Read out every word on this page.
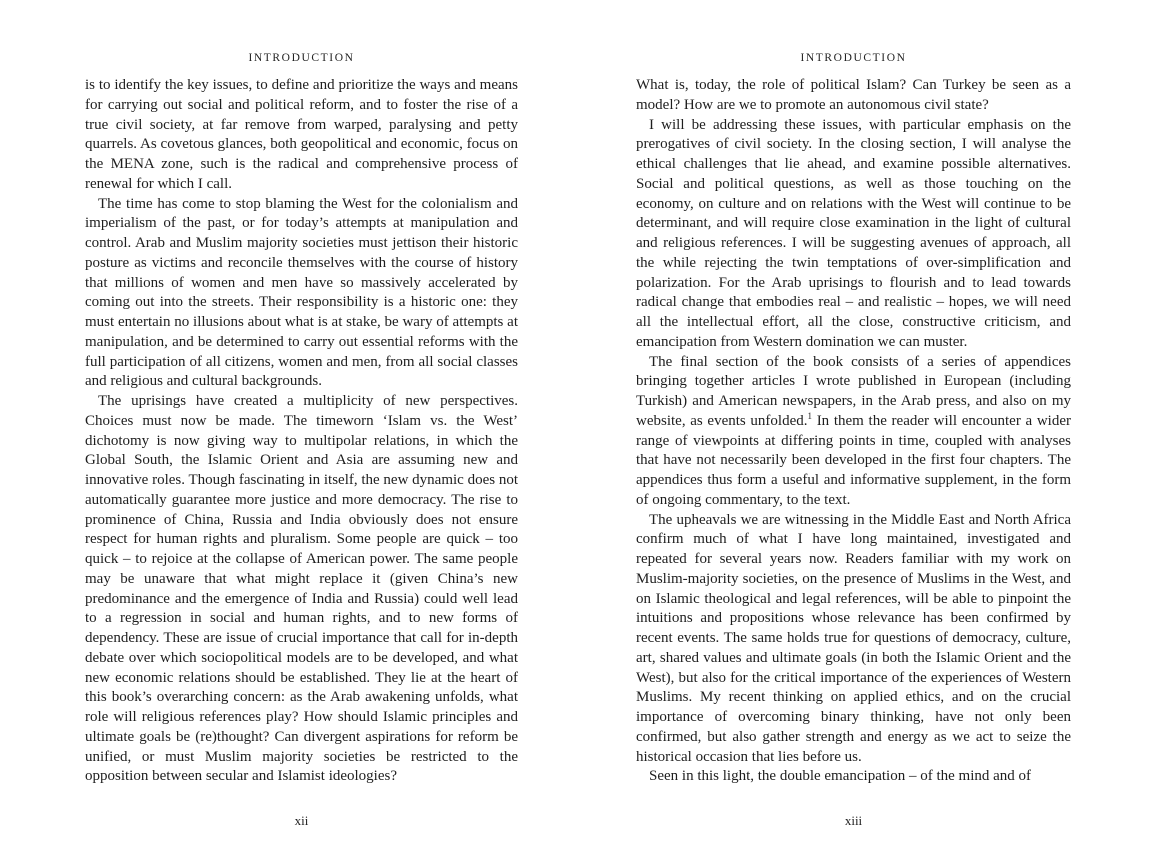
INTRODUCTION

is to identify the key issues, to define and prioritize the ways and means for carrying out social and political reform, and to foster the rise of a true civil society, at far remove from warped, paralysing and petty quarrels. As covetous glances, both geopolitical and economic, focus on the MENA zone, such is the radical and comprehensive process of renewal for which I call.

The time has come to stop blaming the West for the colonialism and imperialism of the past, or for today’s attempts at manipulation and control. Arab and Muslim majority societies must jettison their historic posture as victims and reconcile themselves with the course of history that millions of women and men have so massively accelerated by coming out into the streets. Their responsibility is a historic one: they must entertain no illusions about what is at stake, be wary of attempts at manipulation, and be determined to carry out essential reforms with the full participation of all citizens, women and men, from all social classes and religious and cultural backgrounds.

The uprisings have created a multiplicity of new perspectives. Choices must now be made. The timeworn ‘Islam vs. the West’ dichotomy is now giving way to multipolar relations, in which the Global South, the Islamic Orient and Asia are assuming new and innovative roles. Though fascinating in itself, the new dynamic does not automatically guarantee more justice and more democracy. The rise to prominence of China, Russia and India obviously does not ensure respect for human rights and pluralism. Some people are quick – too quick – to rejoice at the collapse of American power. The same people may be unaware that what might replace it (given China’s new predominance and the emergence of India and Russia) could well lead to a regression in social and human rights, and to new forms of dependency. These are issue of crucial importance that call for in-depth debate over which sociopolitical models are to be developed, and what new economic relations should be established. They lie at the heart of this book’s overarching concern: as the Arab awakening unfolds, what role will religious references play? How should Islamic principles and ultimate goals be (re)thought? Can divergent aspirations for reform be unified, or must Muslim majority societies be restricted to the opposition between secular and Islamist ideologies?

xii
INTRODUCTION

What is, today, the role of political Islam? Can Turkey be seen as a model? How are we to promote an autonomous civil state?

I will be addressing these issues, with particular emphasis on the prerogatives of civil society. In the closing section, I will analyse the ethical challenges that lie ahead, and examine possible alternatives. Social and political questions, as well as those touching on the economy, on culture and on relations with the West will continue to be determinant, and will require close examination in the light of cultural and religious references. I will be suggesting avenues of approach, all the while rejecting the twin temptations of over-simplification and polarization. For the Arab uprisings to flourish and to lead towards radical change that embodies real – and realistic – hopes, we will need all the intellectual effort, all the close, constructive criticism, and emancipation from Western domination we can muster.

The final section of the book consists of a series of appendices bringing together articles I wrote published in European (including Turkish) and American newspapers, in the Arab press, and also on my website, as events unfolded.$^1$ In them the reader will encounter a wider range of viewpoints at differing points in time, coupled with analyses that have not necessarily been developed in the first four chapters. The appendices thus form a useful and informative supplement, in the form of ongoing commentary, to the text.

The upheavals we are witnessing in the Middle East and North Africa confirm much of what I have long maintained, investigated and repeated for several years now. Readers familiar with my work on Muslim-majority societies, on the presence of Muslims in the West, and on Islamic theological and legal references, will be able to pinpoint the intuitions and propositions whose relevance has been confirmed by recent events. The same holds true for questions of democracy, culture, art, shared values and ultimate goals (in both the Islamic Orient and the West), but also for the critical importance of the experiences of Western Muslims. My recent thinking on applied ethics, and on the crucial importance of overcoming binary thinking, have not only been confirmed, but also gather strength and energy as we act to seize the historical occasion that lies before us.

Seen in this light, the double emancipation – of the mind and of

xiii
